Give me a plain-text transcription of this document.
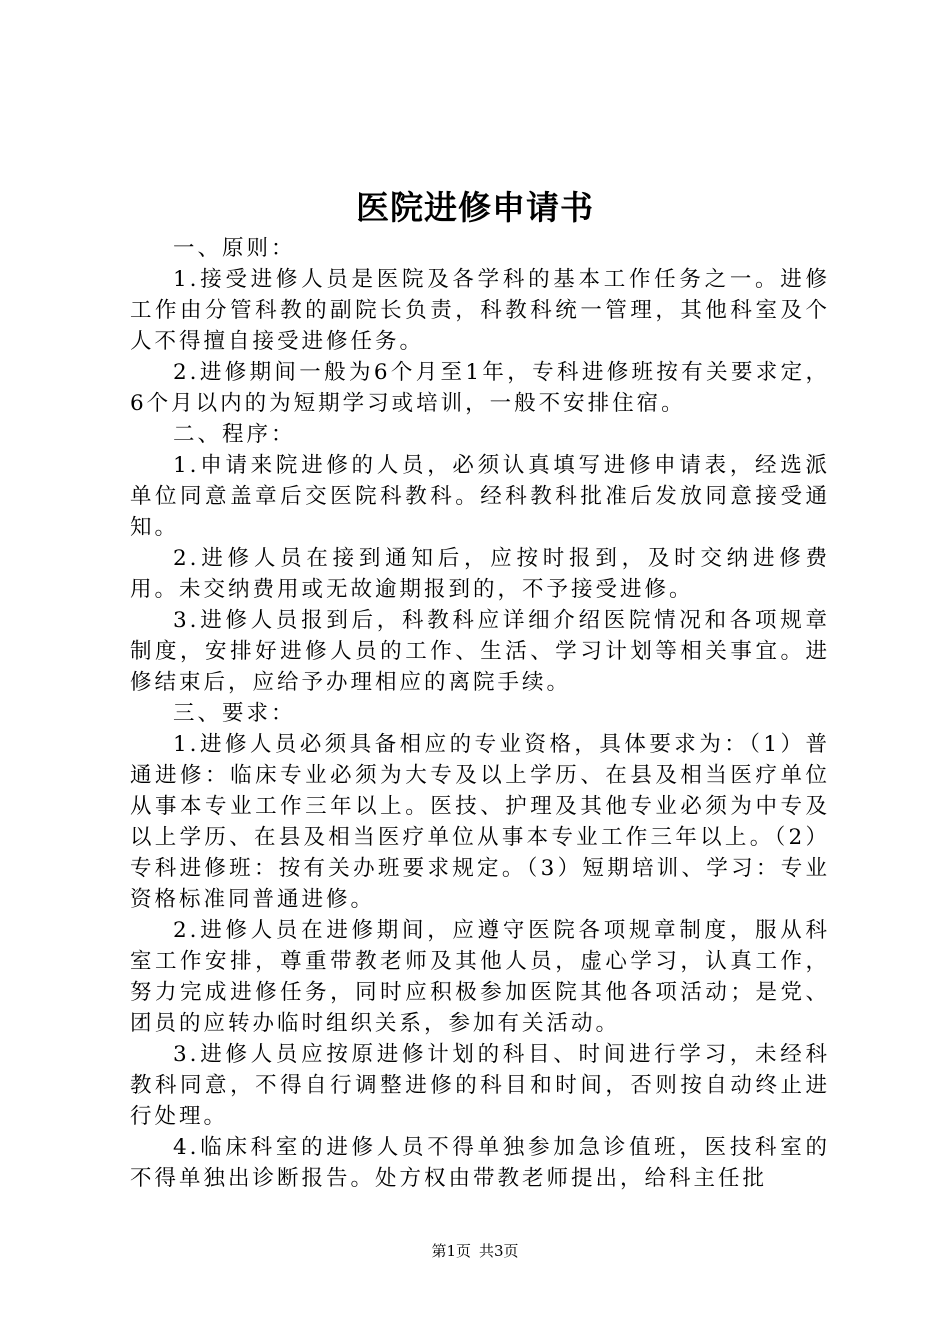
医院进修申请书

一、原则：

1.接受进修人员是医院及各学科的基本工作任务之一。进修工作由分管科教的副院长负责，科教科统一管理，其他科室及个人不得擅自接受进修任务。

2.进修期间一般为6个月至1年，专科进修班按有关要求定，6个月以内的为短期学习或培训，一般不安排住宿。

二、程序：

1.申请来院进修的人员，必须认真填写进修申请表，经选派单位同意盖章后交医院科教科。经科教科批准后发放同意接受通知。

2.进修人员在接到通知后，应按时报到，及时交纳进修费用。未交纳费用或无故逾期报到的，不予接受进修。

3.进修人员报到后，科教科应详细介绍医院情况和各项规章制度，安排好进修人员的工作、生活、学习计划等相关事宜。进修结束后，应给予办理相应的离院手续。

三、要求：

1.进修人员必须具备相应的专业资格，具体要求为：（1）普通进修：临床专业必须为大专及以上学历、在县及相当医疗单位从事本专业工作三年以上。医技、护理及其他专业必须为中专及以上学历、在县及相当医疗单位从事本专业工作三年以上。（2）专科进修班：按有关办班要求规定。（3）短期培训、学习：专业资格标准同普通进修。

2.进修人员在进修期间，应遵守医院各项规章制度，服从科室工作安排，尊重带教老师及其他人员，虚心学习，认真工作，努力完成进修任务，同时应积极参加医院其他各项活动；是党、团员的应转办临时组织关系，参加有关活动。

3.进修人员应按原进修计划的科目、时间进行学习，未经科教科同意，不得自行调整进修的科目和时间，否则按自动终止进行处理。

4.临床科室的进修人员不得单独参加急诊值班，医技科室的不得单独出诊断报告。处方权由带教老师提出，给科主任批

第1页 共3页
